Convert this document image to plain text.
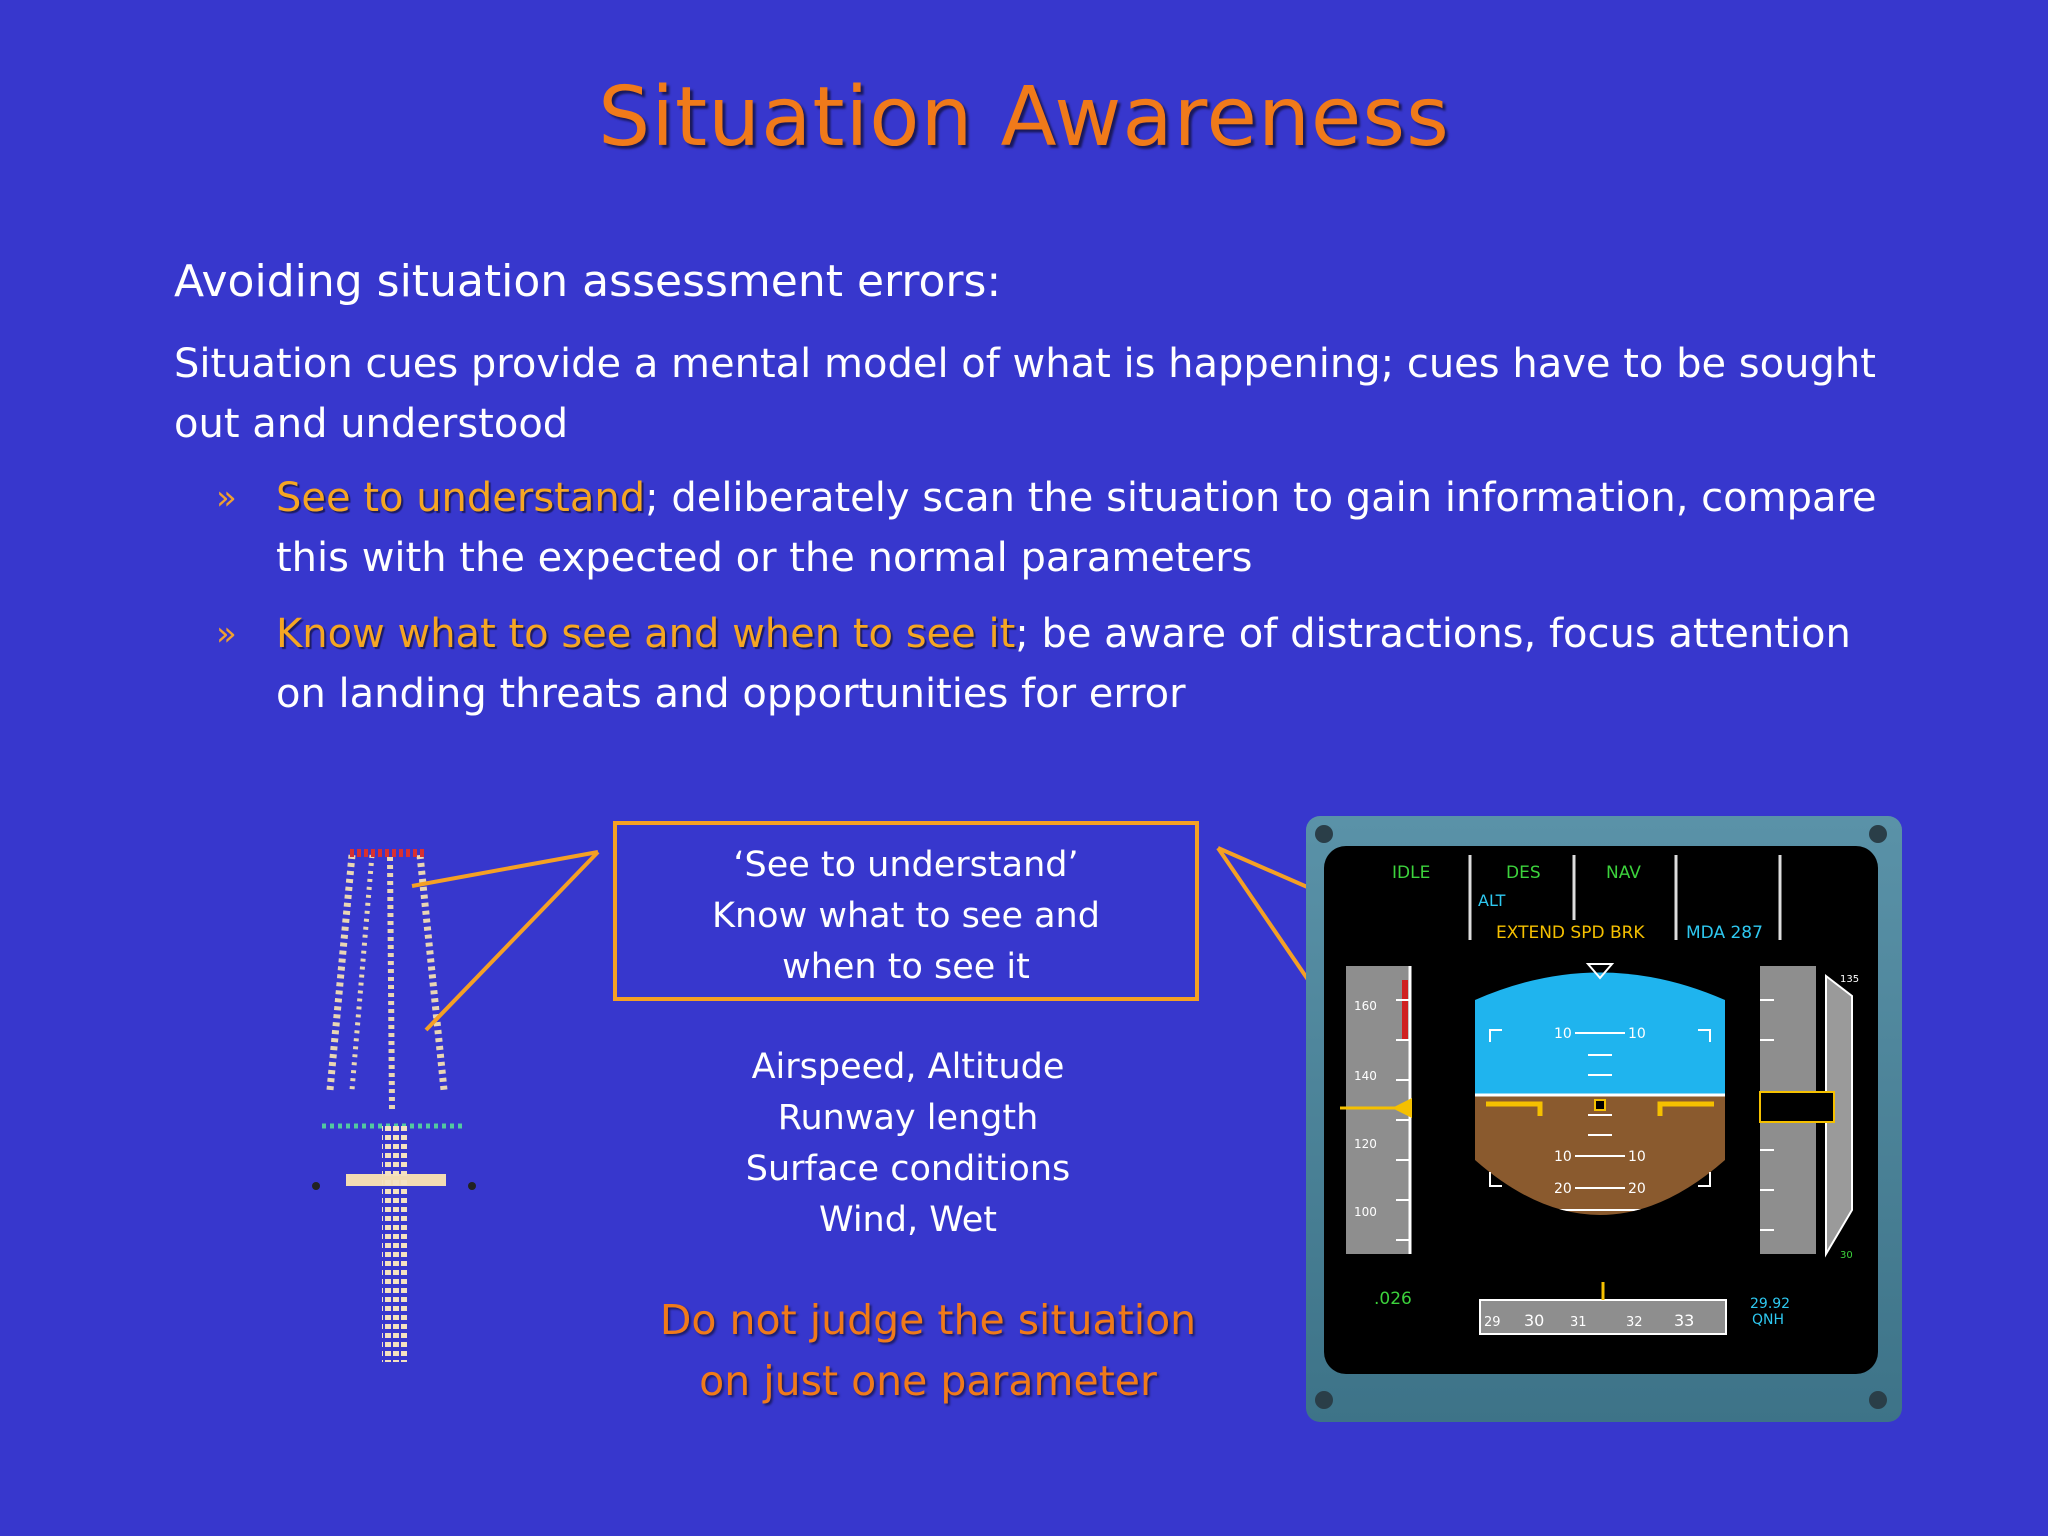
Situation Awareness
Avoiding situation assessment errors:
Situation cues provide a mental model of what is happening; cues have to be sought out and understood
» See to understand; deliberately scan the situation to gain information, compare this with the expected or the normal parameters
» Know what to see and when to see it; be aware of distractions, focus attention on landing threats and opportunities for error
IDLE	DES	NAV
ALT
EXTEND SPD BRK MDA 287
160
140
120
100
.026
10	10
10	10
20	20
29 30 31	32 33
29.92
QNH
135
30
‘See to understand’
Know what to see and
when to see it
Airspeed, Altitude
Runway length
Surface conditions
Wind, Wet
Do not judge the situation
on just one parameter
